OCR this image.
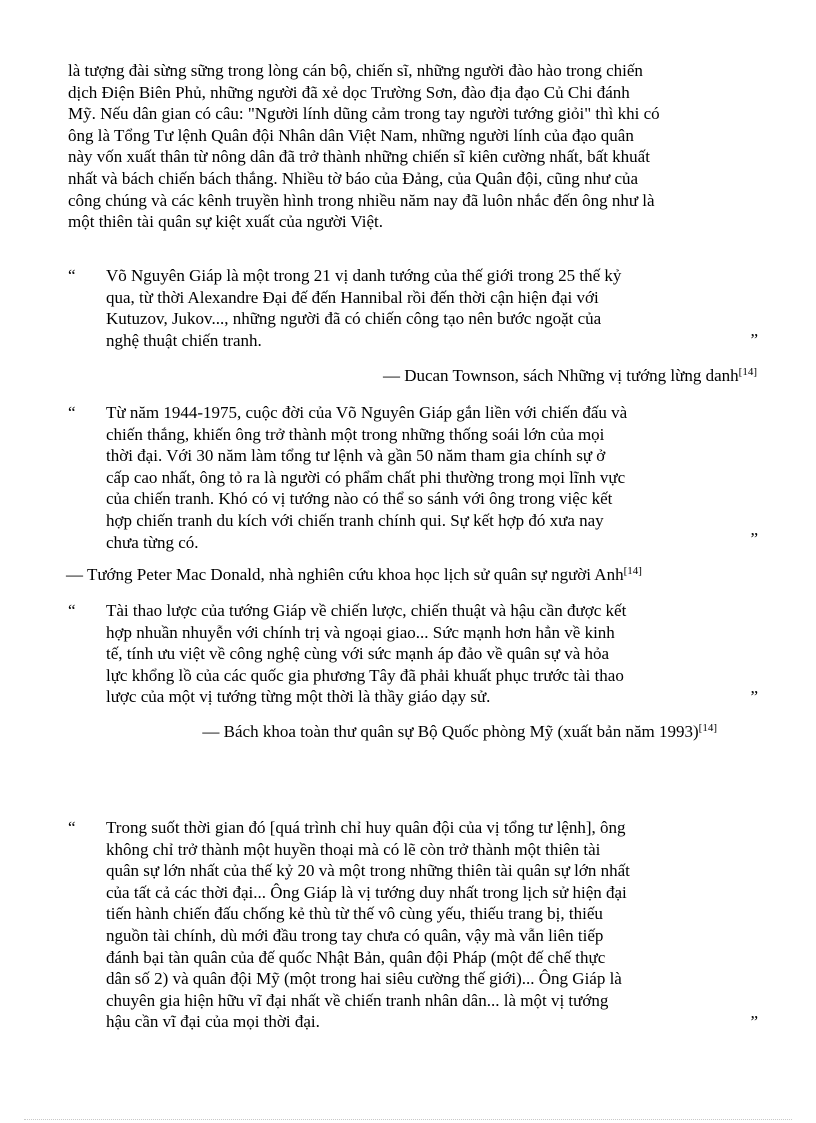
là tượng đài sừng sững trong lòng cán bộ, chiến sĩ, những người đào hào trong chiến
dịch Điện Biên Phủ, những người đã xẻ dọc Trường Sơn, đào địa đạo Củ Chi đánh
Mỹ. Nếu dân gian có câu: "Người lính dũng cảm trong tay người tướng giỏi" thì khi có
ông là Tổng Tư lệnh Quân đội Nhân dân Việt Nam, những người lính của đạo quân
này vốn xuất thân từ nông dân đã trở thành những chiến sĩ kiên cường nhất, bất khuất
nhất và bách chiến bách thắng. Nhiều tờ báo của Đảng, của Quân đội, cũng như của
công chúng và các kênh truyền hình trong nhiều năm nay đã luôn nhắc đến ông như là
một thiên tài quân sự kiệt xuất của người Việt.
“ Võ Nguyên Giáp là một trong 21 vị danh tướng của thế giới trong 25 thế kỷ
qua, từ thời Alexandre Đại đế đến Hannibal rồi đến thời cận hiện đại với
Kutuzov, Jukov..., những người đã có chiến công tạo nên bước ngoặt của
nghệ thuật chiến tranh.	”
— Ducan Townson, sách Những vị tướng lừng danh[14]
“ Từ năm 1944-1975, cuộc đời của Võ Nguyên Giáp gắn liền với chiến đấu và
chiến thắng, khiến ông trở thành một trong những thống soái lớn của mọi
thời đại. Với 30 năm làm tổng tư lệnh và gần 50 năm tham gia chính sự ở
cấp cao nhất, ông tỏ ra là người có phẩm chất phi thường trong mọi lĩnh vực
của chiến tranh. Khó có vị tướng nào có thể so sánh với ông trong việc kết
hợp chiến tranh du kích với chiến tranh chính qui. Sự kết hợp đó xưa nay
chưa từng có.	”
— Tướng Peter Mac Donald, nhà nghiên cứu khoa học lịch sử quân sự người Anh[14]
“ Tài thao lược của tướng Giáp về chiến lược, chiến thuật và hậu cần được kết
hợp nhuần nhuyễn với chính trị và ngoại giao... Sức mạnh hơn hẳn về kinh
tế, tính ưu việt về công nghệ cùng với sức mạnh áp đảo về quân sự và hỏa
lực khổng lồ của các quốc gia phương Tây đã phải khuất phục trước tài thao
lược của một vị tướng từng một thời là thầy giáo dạy sử.	”
— Bách khoa toàn thư quân sự Bộ Quốc phòng Mỹ (xuất bản năm 1993)[14]
“ Trong suốt thời gian đó [quá trình chỉ huy quân đội của vị tổng tư lệnh], ông
không chỉ trở thành một huyền thoại mà có lẽ còn trở thành một thiên tài
quân sự lớn nhất của thế kỷ 20 và một trong những thiên tài quân sự lớn nhất
của tất cả các thời đại... Ông Giáp là vị tướng duy nhất trong lịch sử hiện đại
tiến hành chiến đấu chống kẻ thù từ thế vô cùng yếu, thiếu trang bị, thiếu
nguồn tài chính, dù mới đầu trong tay chưa có quân, vậy mà vẫn liên tiếp
đánh bại tàn quân của đế quốc Nhật Bản, quân đội Pháp (một đế chế thực
dân số 2) và quân đội Mỹ (một trong hai siêu cường thế giới)... Ông Giáp là
chuyên gia hiện hữu vĩ đại nhất về chiến tranh nhân dân... là một vị tướng
hậu cần vĩ đại của mọi thời đại.	”
